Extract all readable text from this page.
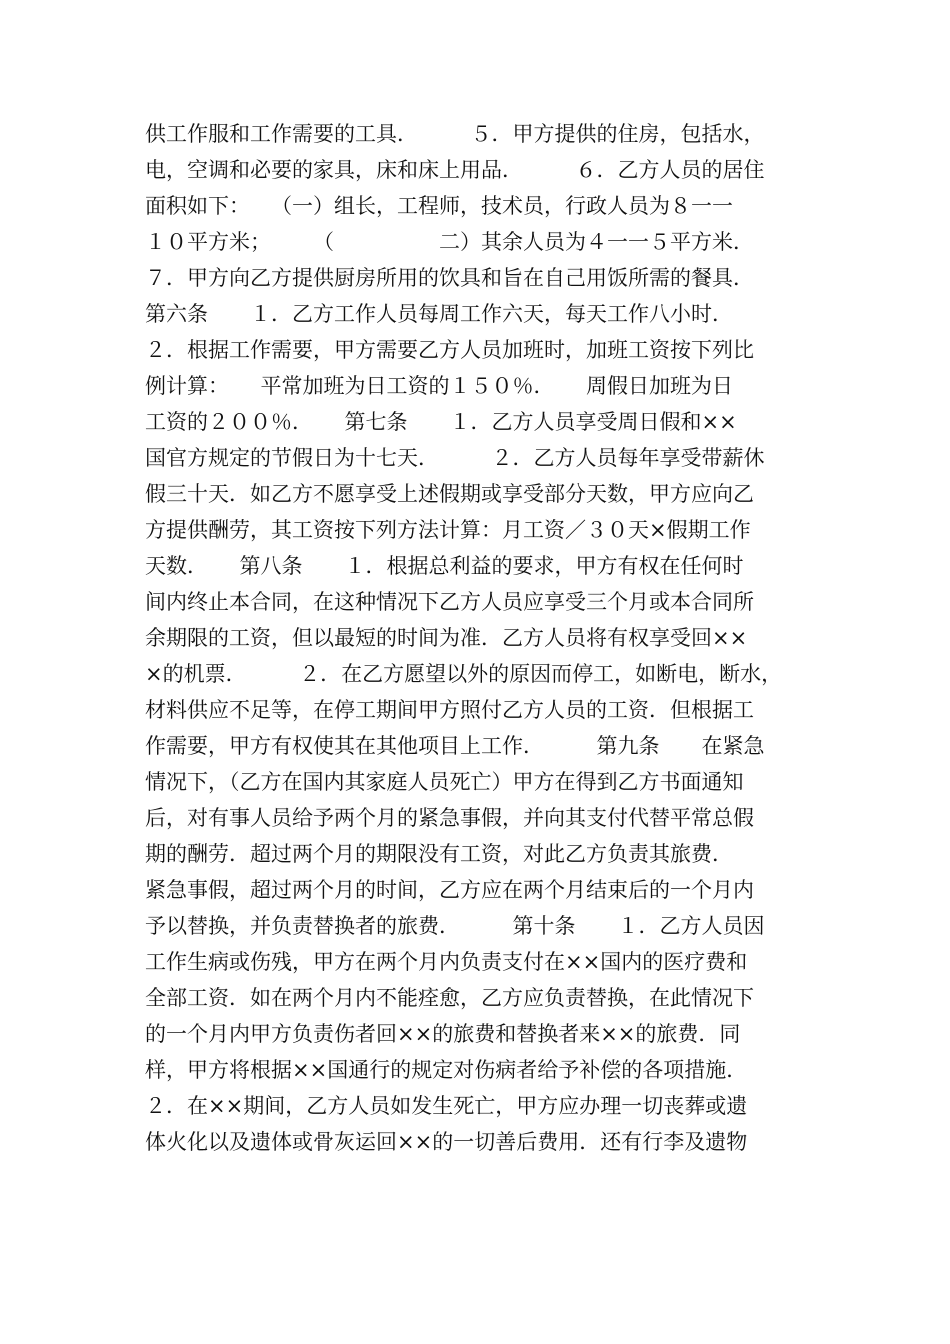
供工作服和工作需要的工具．　　　５．甲方提供的住房，包括水，
电，空调和必要的家具，床和床上用品．　　　６．乙方人员的居住
面积如下：　　（一）组长，工程师，技术员，行政人员为８一一
１０平方米；　　　（　　　　　二）其余人员为４一一５平方米．
７．甲方向乙方提供厨房所用的饮具和旨在自己用饭所需的餐具．
第六条　　１．乙方工作人员每周工作六天，每天工作八小时．
２．根据工作需要，甲方需要乙方人员加班时，加班工资按下列比
例计算：　　平常加班为日工资的１５０％．　　周假日加班为日
工资的２００％．　　第七条　　１．乙方人员享受周日假和××
国官方规定的节假日为十七天．　　　２．乙方人员每年享受带薪休
假三十天．如乙方不愿享受上述假期或享受部分天数，甲方应向乙
方提供酬劳，其工资按下列方法计算：月工资／３０天×假期工作
天数．　　第八条　　１．根据总利益的要求，甲方有权在任何时
间内终止本合同，在这种情况下乙方人员应享受三个月或本合同所
余期限的工资，但以最短的时间为准．乙方人员将有权享受回××
×的机票．　　　２．在乙方愿望以外的原因而停工，如断电，断水，
材料供应不足等，在停工期间甲方照付乙方人员的工资．但根据工
作需要，甲方有权使其在其他项目上工作．　　　第九条　　在紧急
情况下，（乙方在国内其家庭人员死亡）甲方在得到乙方书面通知
后，对有事人员给予两个月的紧急事假，并向其支付代替平常总假
期的酬劳．超过两个月的期限没有工资，对此乙方负责其旅费．
紧急事假，超过两个月的时间，乙方应在两个月结束后的一个月内
予以替换，并负责替换者的旅费．　　　第十条　　１．乙方人员因
工作生病或伤残，甲方在两个月内负责支付在××国内的医疗费和
全部工资．如在两个月内不能痊愈，乙方应负责替换，在此情况下
的一个月内甲方负责伤者回××的旅费和替换者来××的旅费．同
样，甲方将根据××国通行的规定对伤病者给予补偿的各项措施．
２．在××期间，乙方人员如发生死亡，甲方应办理一切丧葬或遗
体火化以及遗体或骨灰运回××的一切善后费用．还有行李及遗物
